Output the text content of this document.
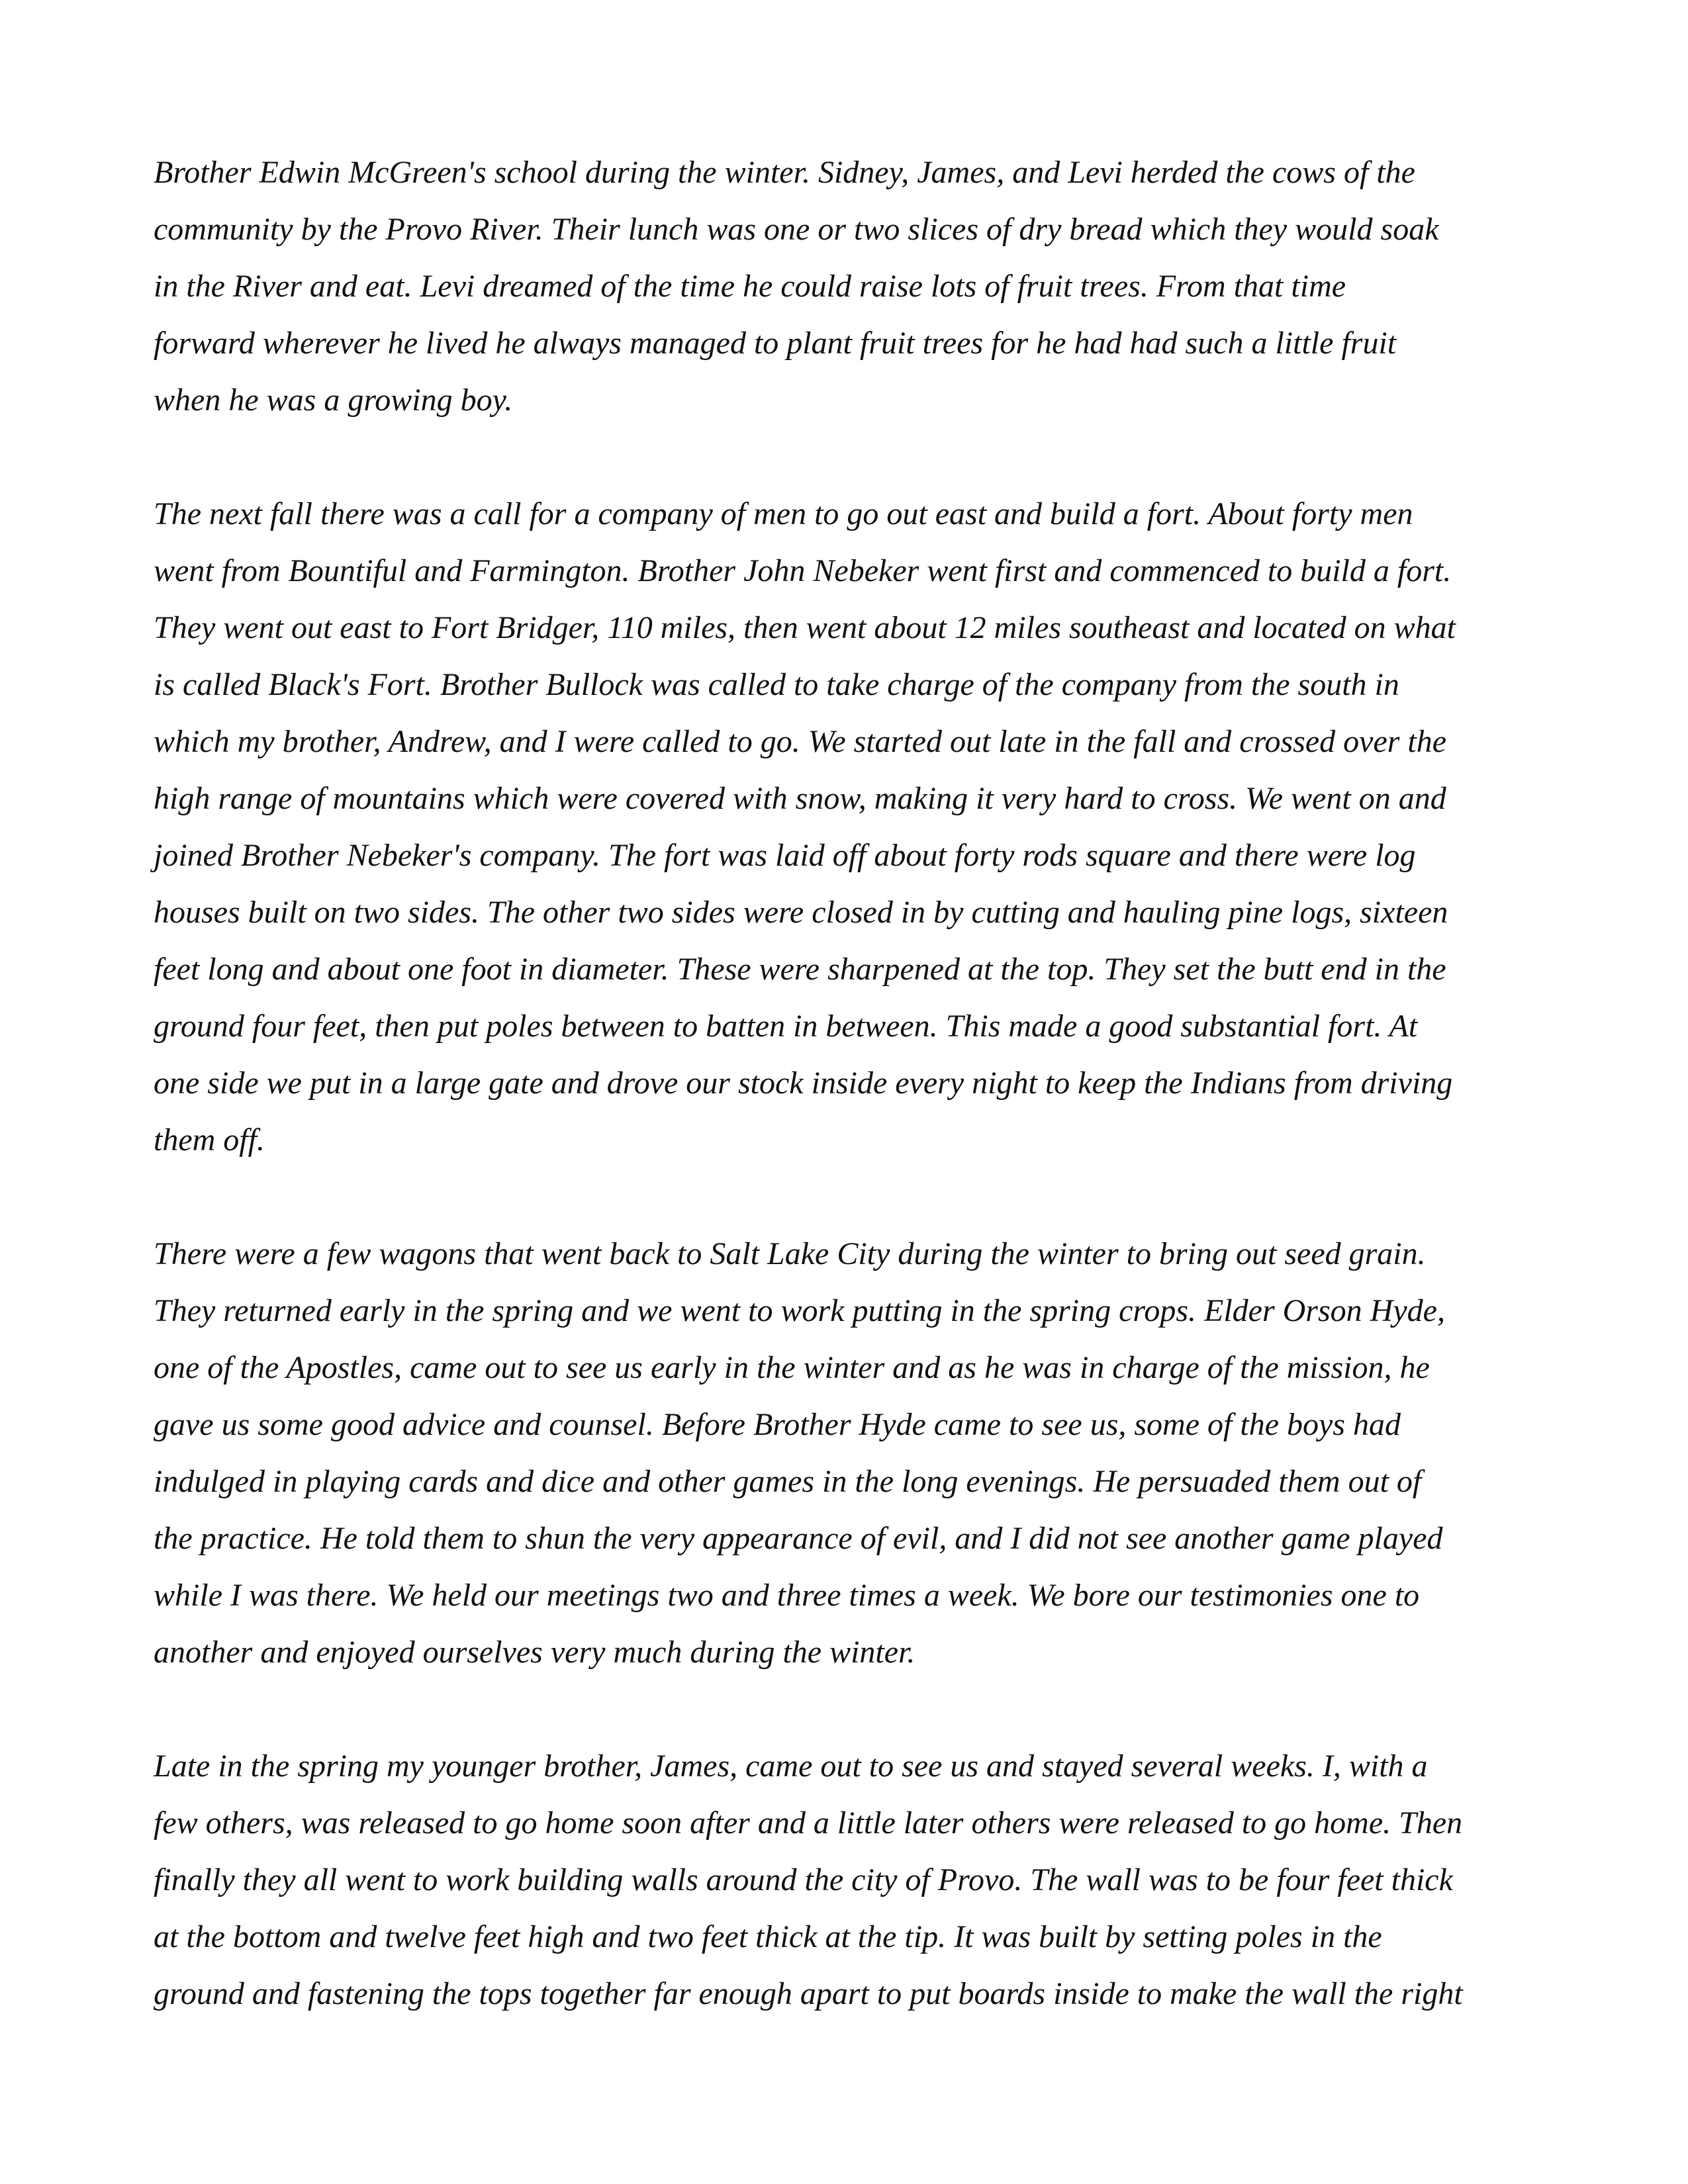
Brother Edwin McGreen's school during the winter. Sidney, James, and Levi herded the cows of the
community by the Provo River. Their lunch was one or two slices of dry bread which they would soak
in the River and eat. Levi dreamed of the time he could raise lots of fruit trees. From that time
forward wherever he lived he always managed to plant fruit trees for he had had such a little fruit
when he was a growing boy.

The next fall there was a call for a company of men to go out east and build a fort. About forty men
went from Bountiful and Farmington. Brother John Nebeker went first and commenced to build a fort.
They went out east to Fort Bridger, 110 miles, then went about 12 miles southeast and located on what
is called Black's Fort. Brother Bullock was called to take charge of the company from the south in
which my brother, Andrew, and I were called to go. We started out late in the fall and crossed over the
high range of mountains which were covered with snow, making it very hard to cross. We went on and
joined Brother Nebeker's company. The fort was laid off about forty rods square and there were log
houses built on two sides. The other two sides were closed in by cutting and hauling pine logs, sixteen
feet long and about one foot in diameter. These were sharpened at the top. They set the butt end in the
ground four feet, then put poles between to batten in between. This made a good substantial fort. At
one side we put in a large gate and drove our stock inside every night to keep the Indians from driving
them off.

There were a few wagons that went back to Salt Lake City during the winter to bring out seed grain.
They returned early in the spring and we went to work putting in the spring crops. Elder Orson Hyde,
one of the Apostles, came out to see us early in the winter and as he was in charge of the mission, he
gave us some good advice and counsel. Before Brother Hyde came to see us, some of the boys had
indulged in playing cards and dice and other games in the long evenings. He persuaded them out of
the practice. He told them to shun the very appearance of evil, and I did not see another game played
while I was there. We held our meetings two and three times a week. We bore our testimonies one to
another and enjoyed ourselves very much during the winter.

Late in the spring my younger brother, James, came out to see us and stayed several weeks. I, with a
few others, was released to go home soon after and a little later others were released to go home. Then
finally they all went to work building walls around the city of Provo. The wall was to be four feet thick
at the bottom and twelve feet high and two feet thick at the tip. It was built by setting poles in the
ground and fastening the tops together far enough apart to put boards inside to make the wall the right
